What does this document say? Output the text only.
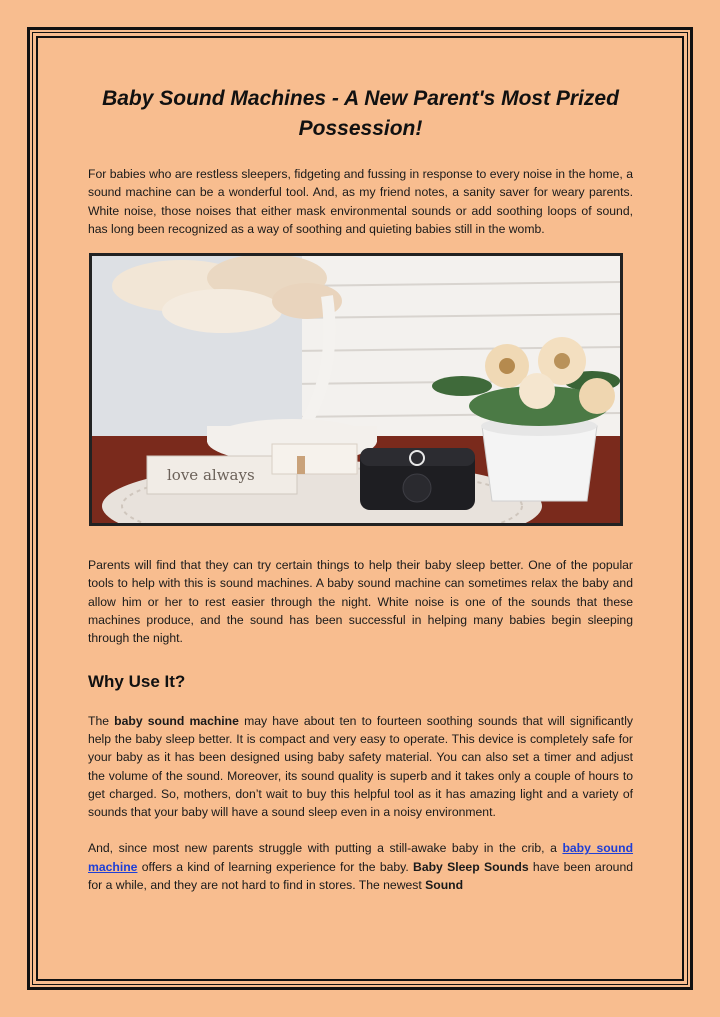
Baby Sound Machines - A New Parent's Most Prized Possession!

For babies who are restless sleepers, fidgeting and fussing in response to every noise in the home, a sound machine can be a wonderful tool. And, as my friend notes, a sanity saver for weary parents. White noise, those noises that either mask environmental sounds or add soothing loops of sound, has long been recognized as a way of soothing and quieting babies still in the womb.

love always

Parents will find that they can try certain things to help their baby sleep better. One of the popular tools to help with this is sound machines. A baby sound machine can sometimes relax the baby and allow him or her to rest easier through the night. White noise is one of the sounds that these machines produce, and the sound has been successful in helping many babies begin sleeping through the night.

Why Use It?

The baby sound machine may have about ten to fourteen soothing sounds that will significantly help the baby sleep better. It is compact and very easy to operate. This device is completely safe for your baby as it has been designed using baby safety material. You can also set a timer and adjust the volume of the sound. Moreover, its sound quality is superb and it takes only a couple of hours to get charged. So, mothers, don’t wait to buy this helpful tool as it has amazing light and a variety of sounds that your baby will have a sound sleep even in a noisy environment.

And, since most new parents struggle with putting a still-awake baby in the crib, a baby sound machine offers a kind of learning experience for the baby. Baby Sleep Sounds have been around for a while, and they are not hard to find in stores. The newest Sound
